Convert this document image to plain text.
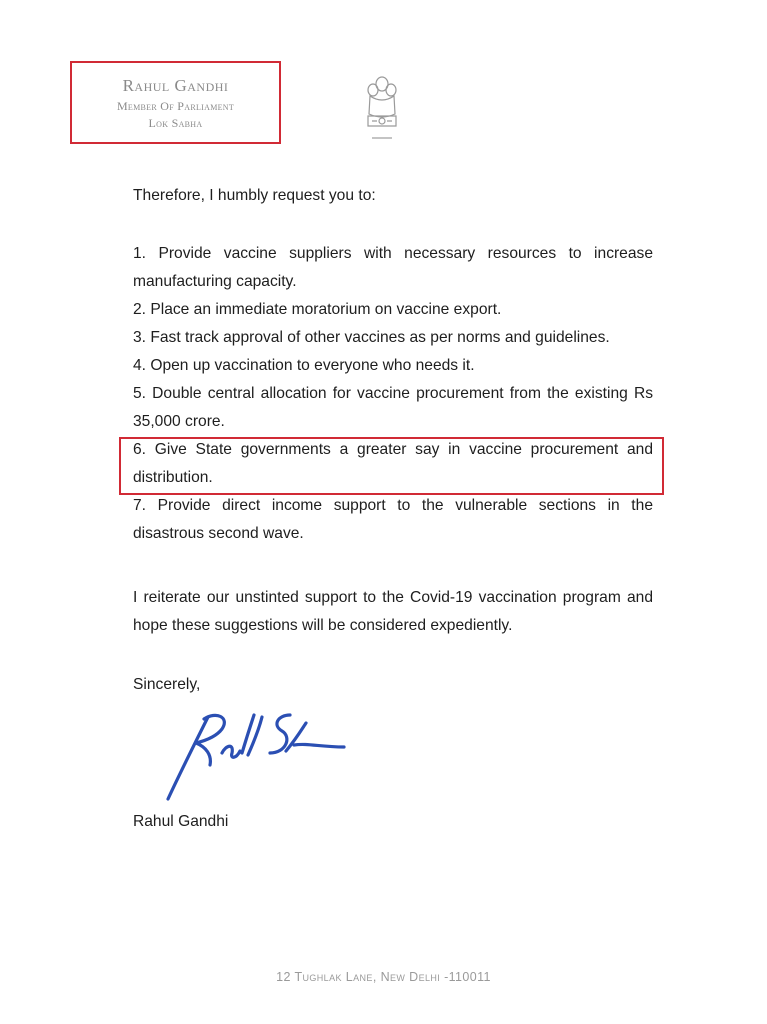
Rahul Gandhi
Member Of Parliament
Lok Sabha
Therefore, I humbly request you to:
1. Provide vaccine suppliers with necessary resources to increase manufacturing capacity.
2. Place an immediate moratorium on vaccine export.
3. Fast track approval of other vaccines as per norms and guidelines.
4. Open up vaccination to everyone who needs it.
5. Double central allocation for vaccine procurement from the existing Rs 35,000 crore.
6. Give State governments a greater say in vaccine procurement and distribution.
7. Provide direct income support to the vulnerable sections in the disastrous second wave.
I reiterate our unstinted support to the Covid-19 vaccination program and hope these suggestions will be considered expediently.
Sincerely,
Rahul Gandhi
12 Tughlak Lane, New Delhi -110011
